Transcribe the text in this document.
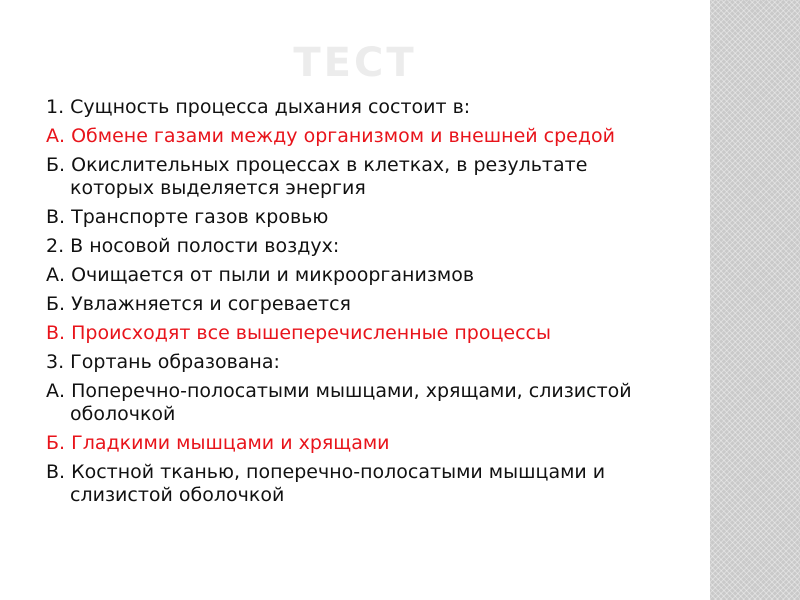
ТЕСТ
1. Сущность процесса дыхания состоит в:
А. Обмене газами между организмом и внешней средой
Б. Окислительных процессах в клетках, в результате которых выделяется энергия
В. Транспорте газов кровью
2. В носовой полости воздух:
А. Очищается от пыли и микроорганизмов
Б. Увлажняется и согревается
В. Происходят все вышеперечисленные процессы
3. Гортань образована:
А. Поперечно-полосатыми мышцами, хрящами, слизистой оболочкой
Б. Гладкими мышцами и хрящами
В. Костной тканью, поперечно-полосатыми мышцами и слизистой оболочкой
